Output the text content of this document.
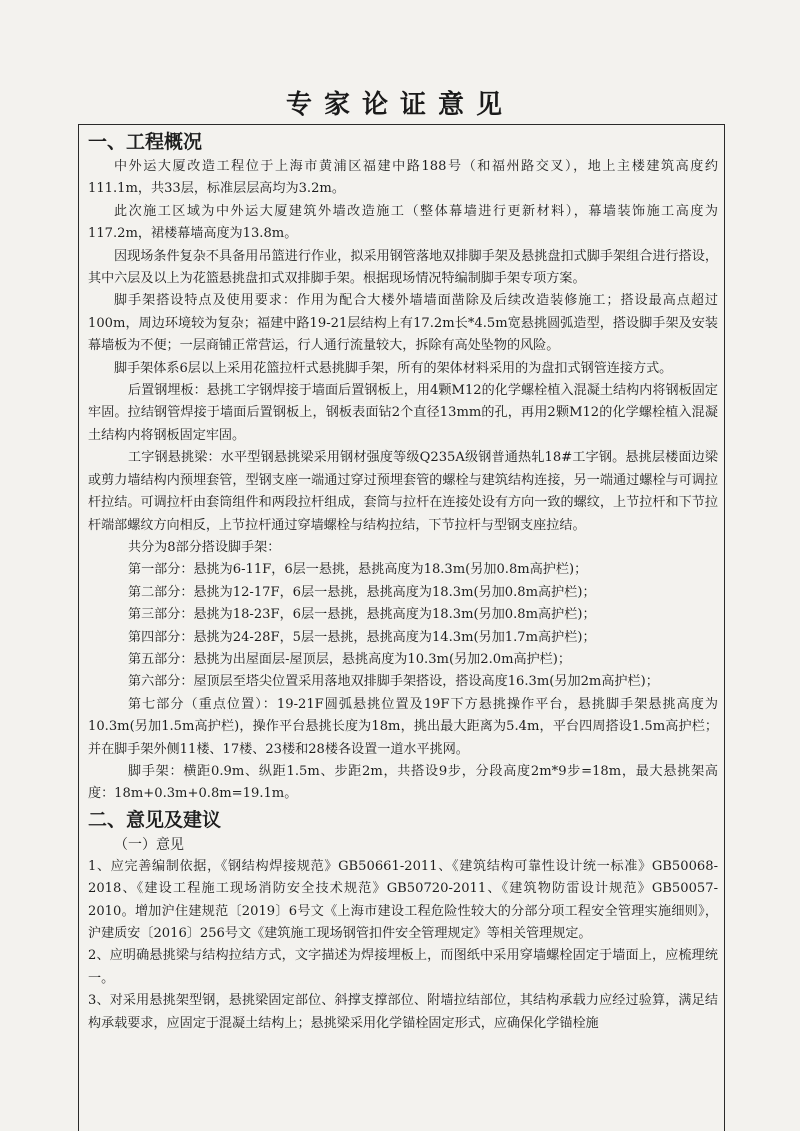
专家论证意见

一、工程概况

中外运大厦改造工程位于上海市黄浦区福建中路188号（和福州路交叉），地上主楼建筑高度约111.1m，共33层，标准层层高均为3.2m。

此次施工区域为中外运大厦建筑外墙改造施工（整体幕墙进行更新材料），幕墙装饰施工高度为117.2m，裙楼幕墙高度为13.8m。

因现场条件复杂不具备用吊篮进行作业，拟采用钢管落地双排脚手架及悬挑盘扣式脚手架组合进行搭设，其中六层及以上为花篮悬挑盘扣式双排脚手架。根据现场情况特编制脚手架专项方案。

脚手架搭设特点及使用要求：作用为配合大楼外墙墙面凿除及后续改造装修施工；搭设最高点超过100m，周边环境较为复杂；福建中路19-21层结构上有17.2m长*4.5m宽悬挑圆弧造型，搭设脚手架及安装幕墙板为不便；一层商铺正常营运，行人通行流量较大，拆除有高处坠物的风险。

脚手架体系6层以上采用花篮拉杆式悬挑脚手架，所有的架体材料采用的为盘扣式钢管连接方式。

后置钢埋板：悬挑工字钢焊接于墙面后置钢板上，用4颗M12的化学螺栓植入混凝土结构内将钢板固定牢固。拉结钢管焊接于墙面后置钢板上，钢板表面钻2个直径13mm的孔，再用2颗M12的化学螺栓植入混凝土结构内将钢板固定牢固。

工字钢悬挑梁：水平型钢悬挑梁采用钢材强度等级Q235A级钢普通热轧18#工字钢。悬挑层楼面边梁或剪力墙结构内预埋套管，型钢支座一端通过穿过预埋套管的螺栓与建筑结构连接，另一端通过螺栓与可调拉杆拉结。可调拉杆由套筒组件和两段拉杆组成，套筒与拉杆在连接处设有方向一致的螺纹，上节拉杆和下节拉杆端部螺纹方向相反，上节拉杆通过穿墙螺栓与结构拉结，下节拉杆与型钢支座拉结。

共分为8部分搭设脚手架：

第一部分：悬挑为6-11F，6层一悬挑，悬挑高度为18.3m(另加0.8m高护栏)；

第二部分：悬挑为12-17F，6层一悬挑，悬挑高度为18.3m(另加0.8m高护栏)；

第三部分：悬挑为18-23F，6层一悬挑，悬挑高度为18.3m(另加0.8m高护栏)；

第四部分：悬挑为24-28F，5层一悬挑，悬挑高度为14.3m(另加1.7m高护栏)；

第五部分：悬挑为出屋面层-屋顶层，悬挑高度为10.3m(另加2.0m高护栏)；

第六部分：屋顶层至塔尖位置采用落地双排脚手架搭设，搭设高度16.3m(另加2m高护栏)；

第七部分（重点位置）：19-21F圆弧悬挑位置及19F下方悬挑操作平台，悬挑脚手架悬挑高度为10.3m(另加1.5m高护栏)，操作平台悬挑长度为18m，挑出最大距离为5.4m，平台四周搭设1.5m高护栏；并在脚手架外侧11楼、17楼、23楼和28楼各设置一道水平挑网。

脚手架：横距0.9m、纵距1.5m、步距2m，共搭设9步，分段高度2m*9步=18m，最大悬挑架高度：18m+0.3m+0.8m=19.1m。

二、意见及建议

（一）意见

1、应完善编制依据，《钢结构焊接规范》GB50661-2011、《建筑结构可靠性设计统一标准》GB50068-2018、《建设工程施工现场消防安全技术规范》GB50720-2011、《建筑物防雷设计规范》GB50057-2010。增加沪住建规范〔2019〕6号文《上海市建设工程危险性较大的分部分项工程安全管理实施细则》，沪建质安〔2016〕256号文《建筑施工现场钢管扣件安全管理规定》等相关管理规定。

2、应明确悬挑梁与结构拉结方式，文字描述为焊接埋板上，而图纸中采用穿墙螺栓固定于墙面上，应梳理统一。

3、对采用悬挑架型钢，悬挑梁固定部位、斜撑支撑部位、附墙拉结部位，其结构承载力应经过验算，满足结构承载要求，应固定于混凝土结构上；悬挑梁采用化学锚栓固定形式，应确保化学锚栓施
